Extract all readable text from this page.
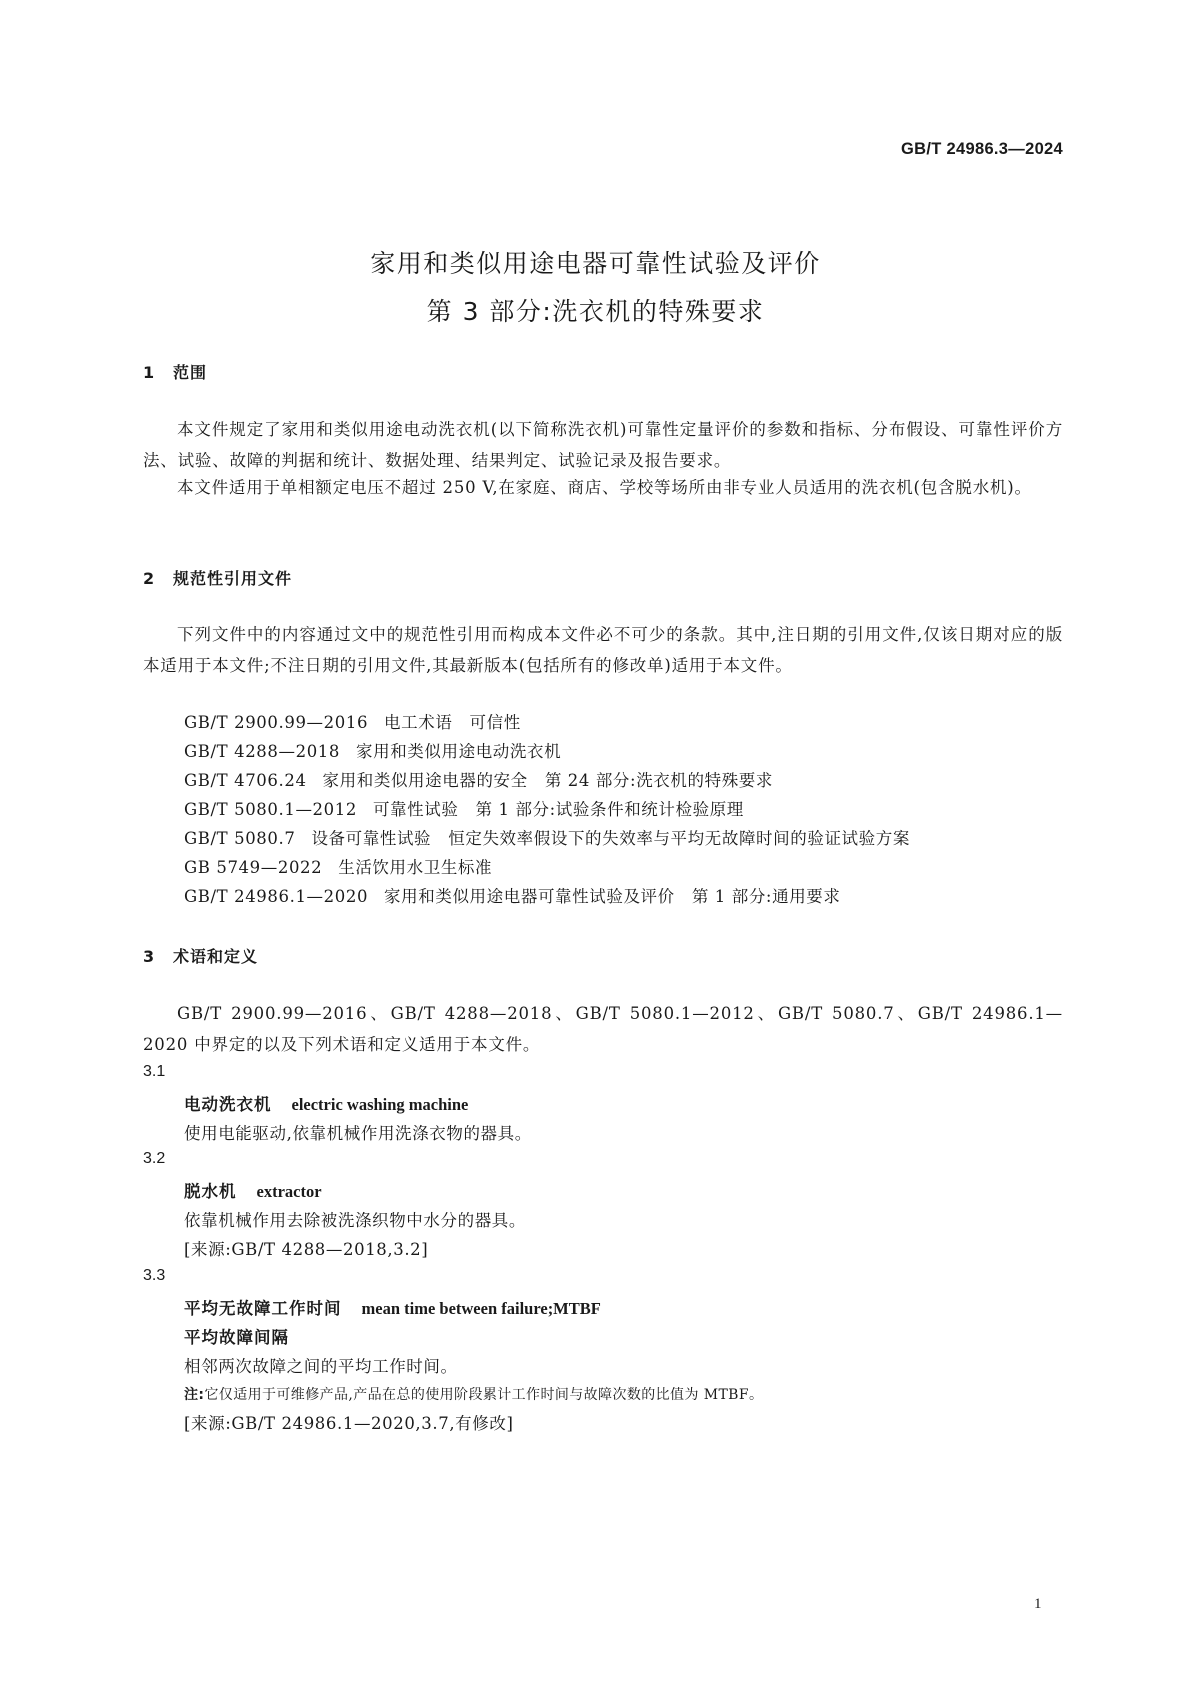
GB/T 24986.3—2024
家用和类似用途电器可靠性试验及评价
第 3 部分:洗衣机的特殊要求
1 范围
本文件规定了家用和类似用途电动洗衣机(以下简称洗衣机)可靠性定量评价的参数和指标、分布假设、可靠性评价方法、试验、故障的判据和统计、数据处理、结果判定、试验记录及报告要求。
本文件适用于单相额定电压不超过 250 V,在家庭、商店、学校等场所由非专业人员适用的洗衣机(包含脱水机)。
2 规范性引用文件
下列文件中的内容通过文中的规范性引用而构成本文件必不可少的条款。其中,注日期的引用文件,仅该日期对应的版本适用于本文件;不注日期的引用文件,其最新版本(包括所有的修改单)适用于本文件。
GB/T 2900.99—2016 电工术语　可信性
GB/T 4288—2018 家用和类似用途电动洗衣机
GB/T 4706.24 家用和类似用途电器的安全　第 24 部分:洗衣机的特殊要求
GB/T 5080.1—2012 可靠性试验　第 1 部分:试验条件和统计检验原理
GB/T 5080.7 设备可靠性试验　恒定失效率假设下的失效率与平均无故障时间的验证试验方案
GB 5749—2022 生活饮用水卫生标准
GB/T 24986.1—2020 家用和类似用途电器可靠性试验及评价　第 1 部分:通用要求
3 术语和定义
GB/T 2900.99—2016、GB/T 4288—2018、GB/T 5080.1—2012、GB/T 5080.7、GB/T 24986.1—2020 中界定的以及下列术语和定义适用于本文件。
3.1
电动洗衣机 electric washing machine
使用电能驱动,依靠机械作用洗涤衣物的器具。
3.2
脱水机 extractor
依靠机械作用去除被洗涤织物中水分的器具。
[来源:GB/T 4288—2018,3.2]
3.3
平均无故障工作时间 mean time between failure;MTBF
平均故障间隔
相邻两次故障之间的平均工作时间。
注:它仅适用于可维修产品,产品在总的使用阶段累计工作时间与故障次数的比值为 MTBF。
[来源:GB/T 24986.1—2020,3.7,有修改]
1
